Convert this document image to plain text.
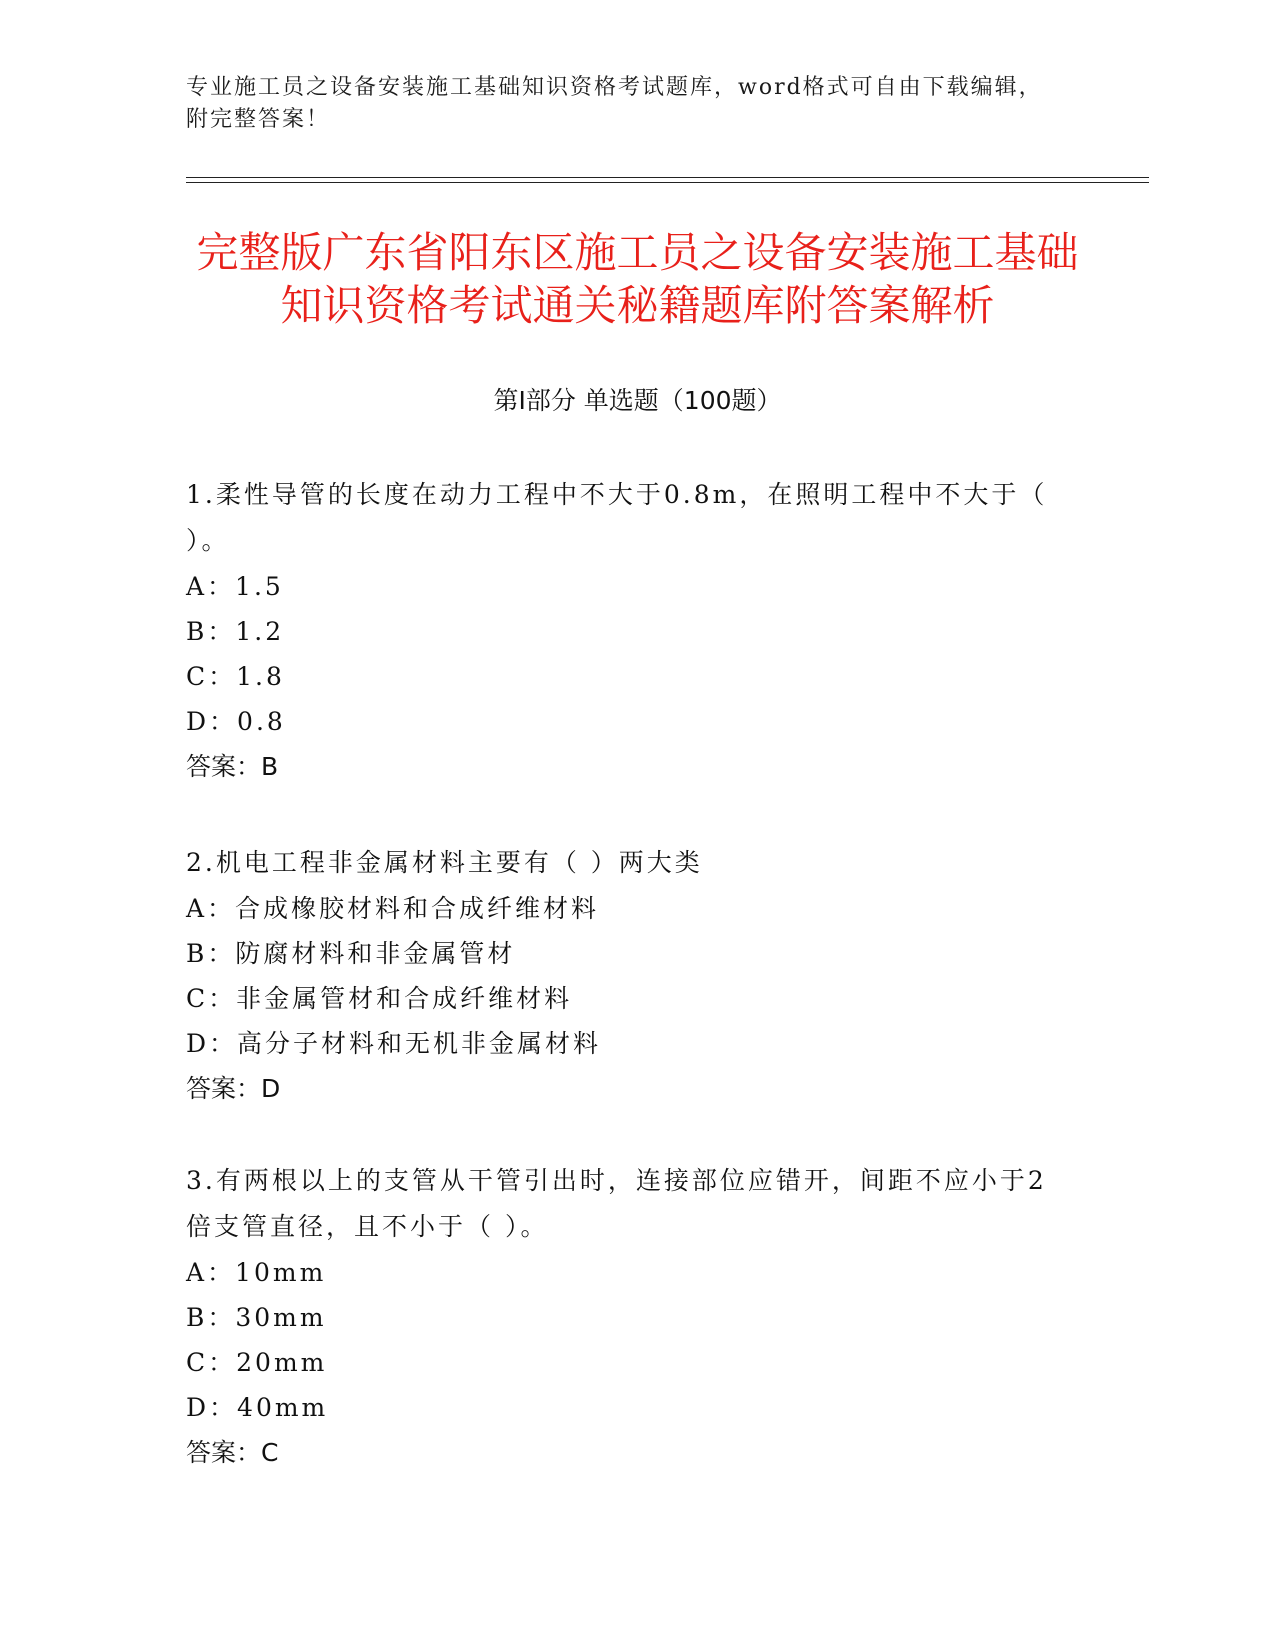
专业施工员之设备安装施工基础知识资格考试题库，word格式可自由下载编辑，附完整答案！
完整版广东省阳东区施工员之设备安装施工基础知识资格考试通关秘籍题库附答案解析
第Ⅰ部分 单选题（100题）
1.柔性导管的长度在动力工程中不大于0.8m，在照明工程中不大于（ ）。
A：1.5
B：1.2
C：1.8
D：0.8
答案：B
2.机电工程非金属材料主要有（ ）两大类
A：合成橡胶材料和合成纤维材料
B：防腐材料和非金属管材
C：非金属管材和合成纤维材料
D：高分子材料和无机非金属材料
答案：D
3.有两根以上的支管从干管引出时，连接部位应错开，间距不应小于2倍支管直径，且不小于（ ）。
A：10mm
B：30mm
C：20mm
D：40mm
答案：C
